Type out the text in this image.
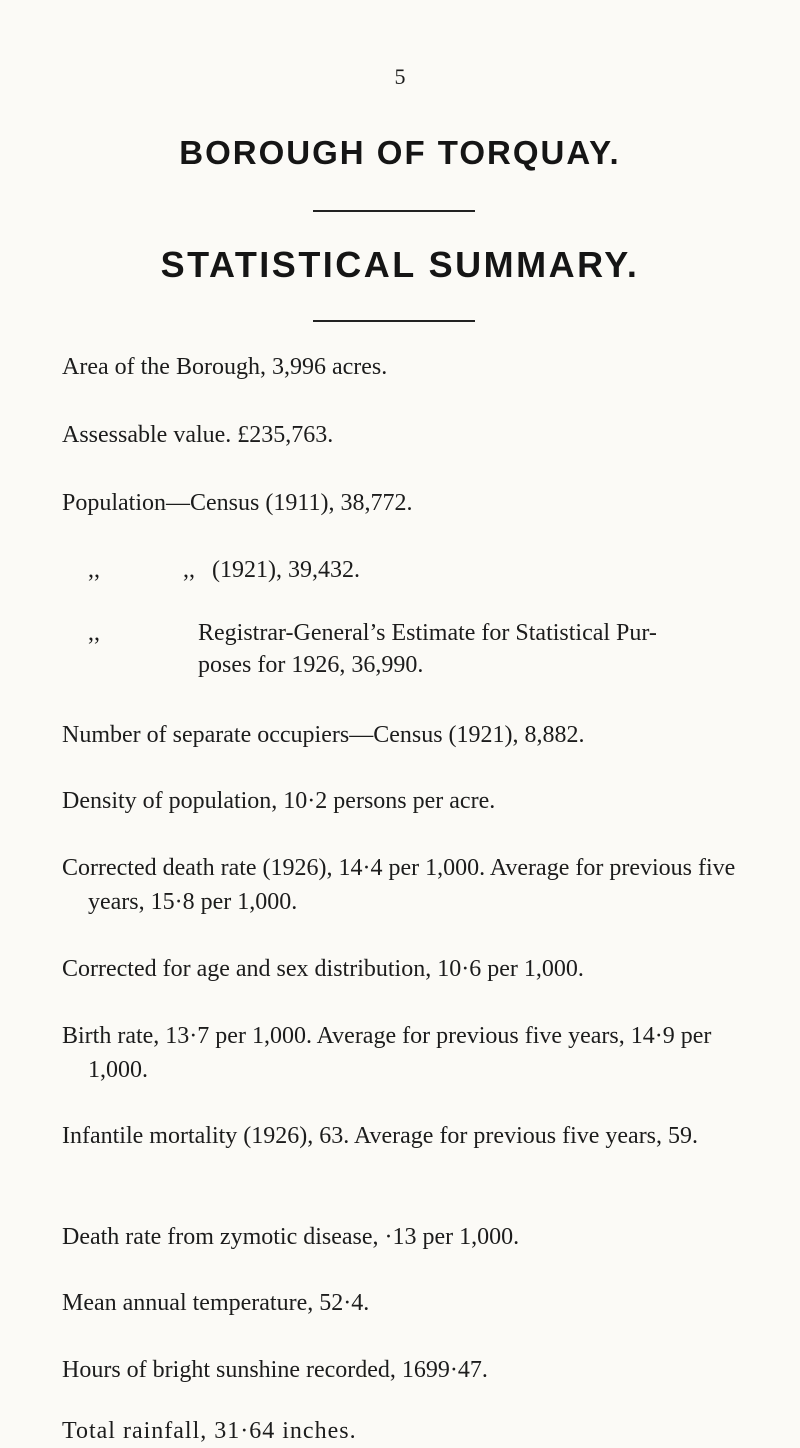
5
BOROUGH OF TORQUAY.
STATISTICAL SUMMARY.
Area of the Borough, 3,996 acres.
Assessable value. £235,763.
Population—Census (1911), 38,772.
,,	,, (1921), 39,432.
,,	Registrar-General’s Estimate for Statistical Pur-
poses for 1926, 36,990.
Number of separate occupiers—Census (1921), 8,882.
Density of population, 10·2 persons per acre.
Corrected death rate (1926), 14·4 per 1,000. Average for previous five years, 15·8 per 1,000.
Corrected for age and sex distribution, 10·6 per 1,000.
Birth rate, 13·7 per 1,000. Average for previous five years, 14·9 per 1,000.
Infantile mortality (1926), 63. Average for previous five years, 59.
Death rate from zymotic disease, ·13 per 1,000.
Mean annual temperature, 52·4.
Hours of bright sunshine recorded, 1699·47.
Total rainfall, 31·64 inches.
